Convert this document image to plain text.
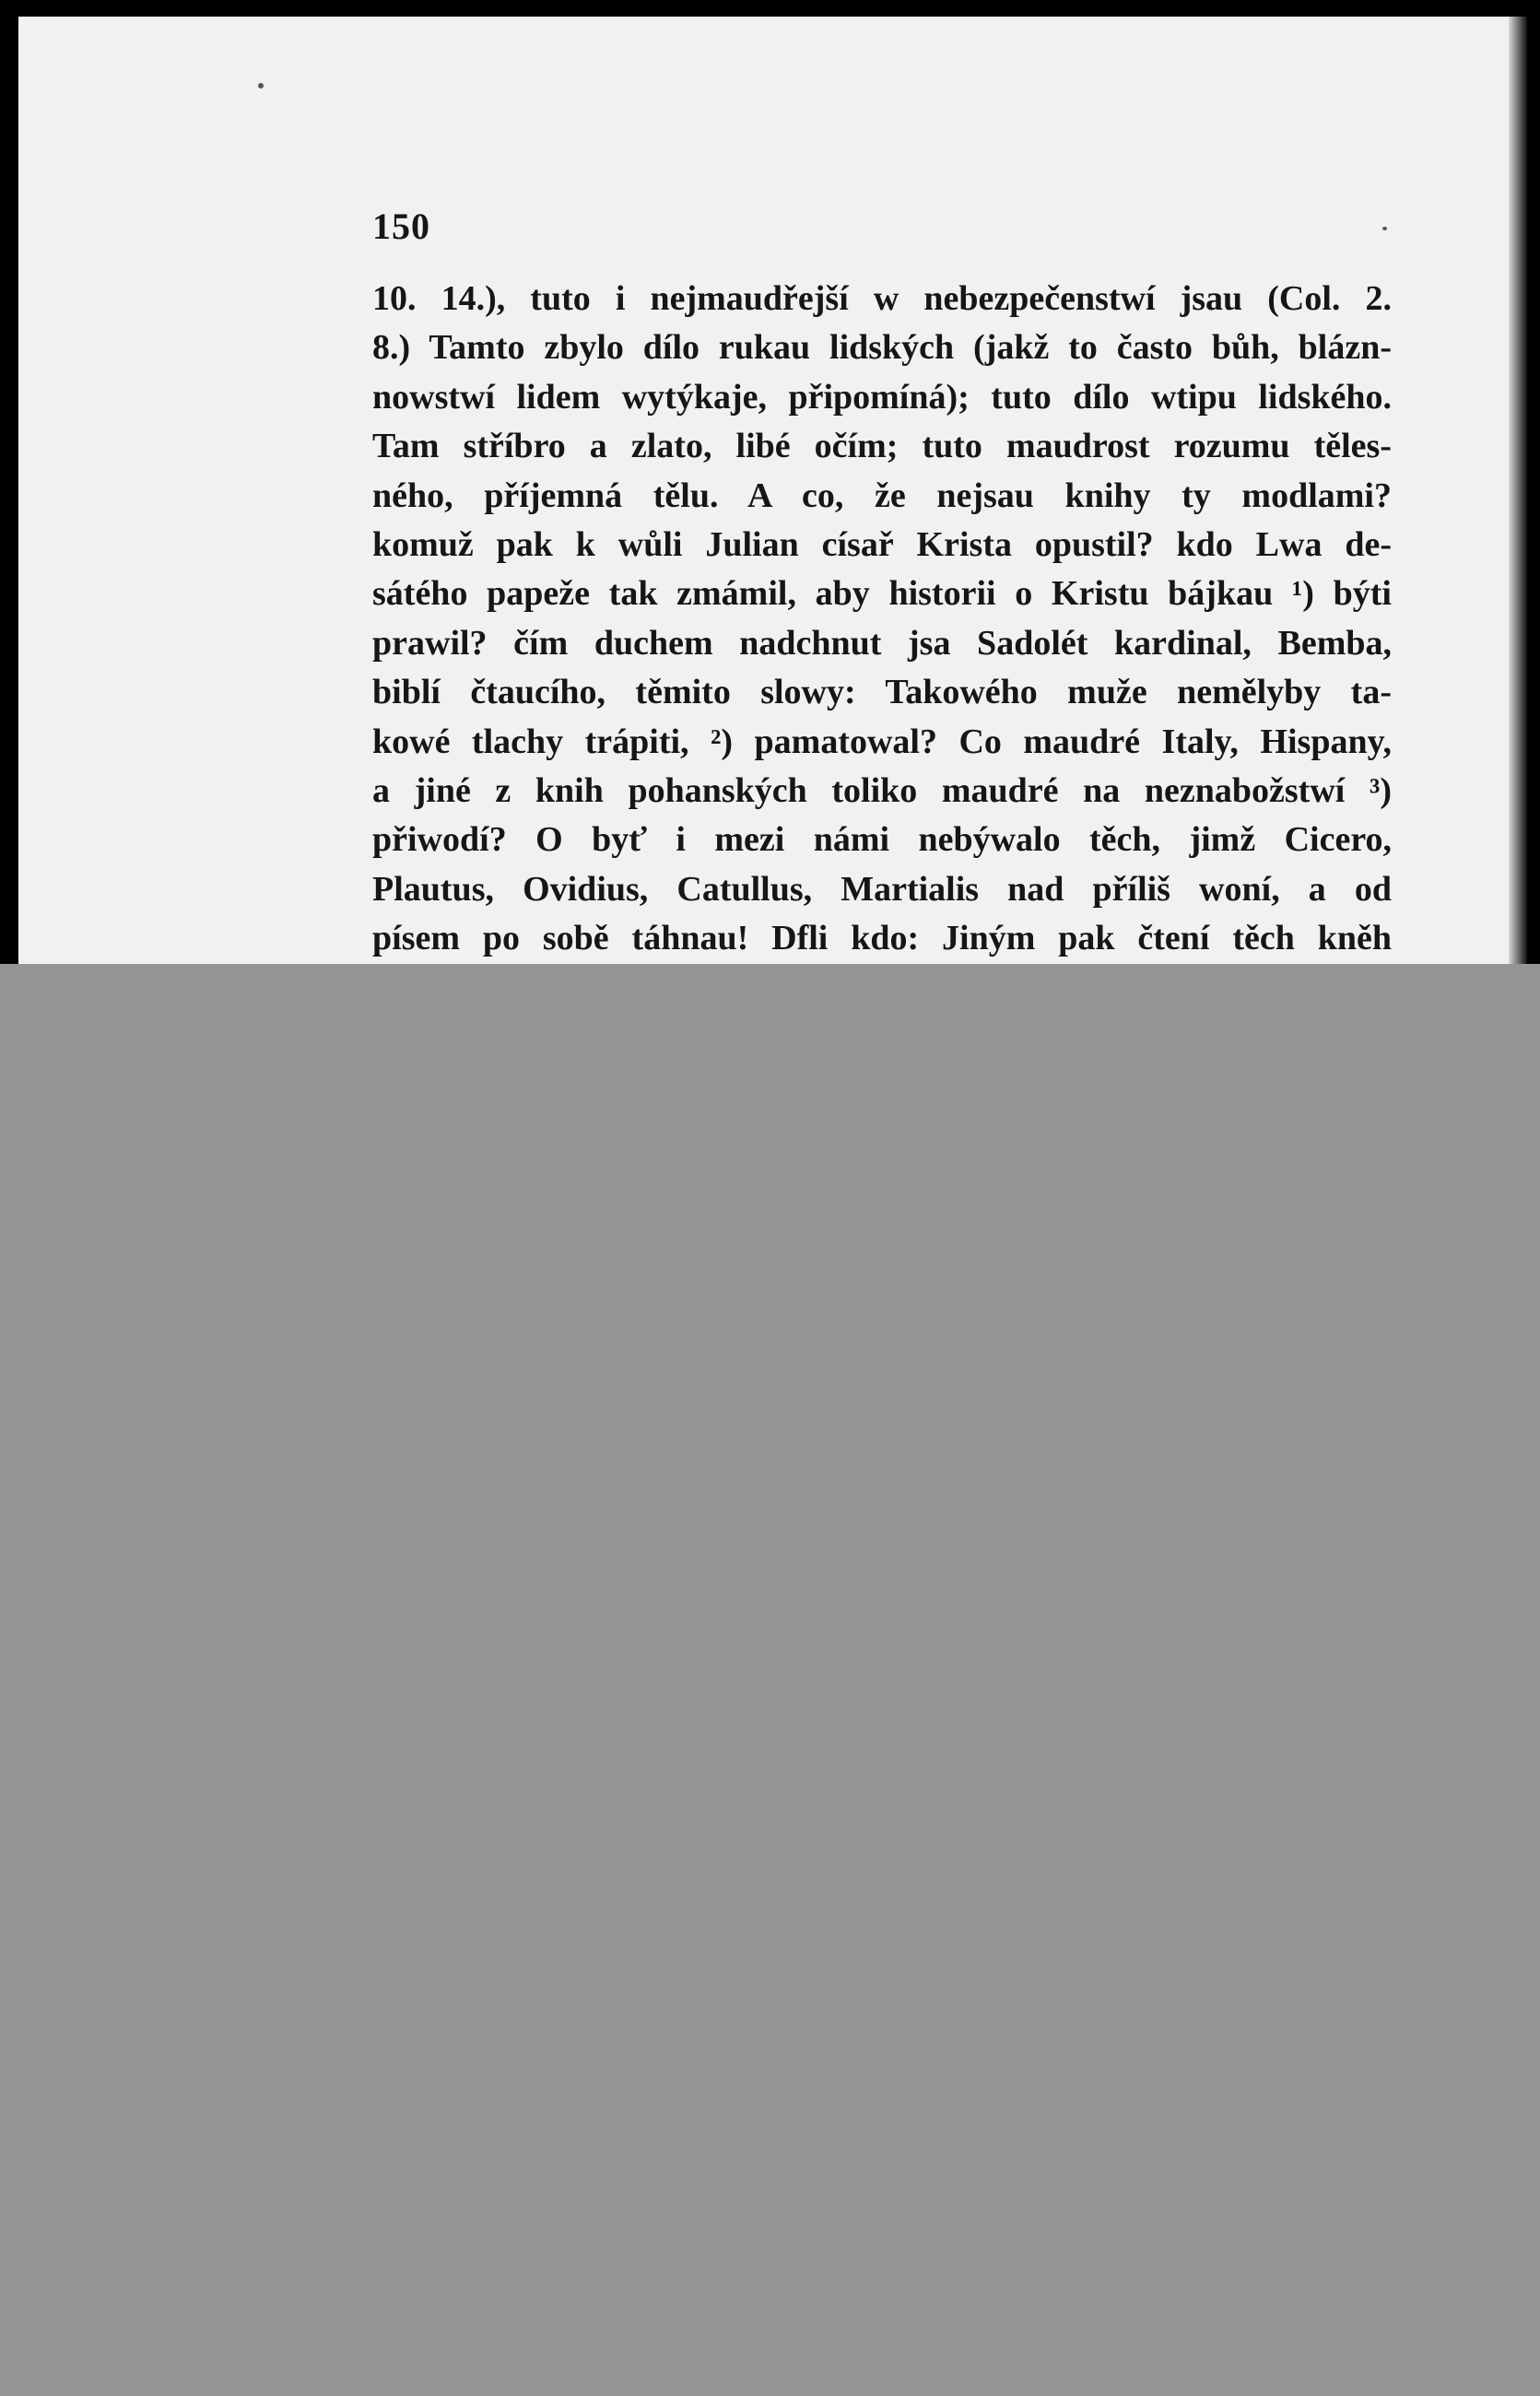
150
10. 14.), tuto i nejmaudřejší w nebezpečenstwí jsau (Col. 2.
8.) Tamto zbylo dílo rukau lidských (jakž to často bůh, blázn-
nowstwí lidem wytýkaje, připomíná); tuto dílo wtipu lidského.
Tam stříbro a zlato, libé očím; tuto maudrost rozumu těles-
ného, příjemná tělu. A co, že nejsau knihy ty modlami?
komuž pak k wůli Julian císař Krista opustil? kdo Lwa de-
sátého papeže tak zmámil, aby historii o Kristu bájkau ¹) býti
prawil? čím duchem nadchnut jsa Sadolét kardinal, Bemba,
biblí čtaucího, těmito slowy: Takowého muže nemělyby ta-
kowé tlachy trápiti, ²) pamatowal? Co maudré Italy, Hispany,
a jiné z knih pohanských toliko maudré na neznabožstwí ³)
přiwodí? O byť i mezi námi nebýwalo těch, jimž Cicero,
Plautus, Ovidius, Catullus, Martialis nad příliš woní, a od
písem po sobě táhnau! Dfli kdo: Jiným pak čtení těch kněh
